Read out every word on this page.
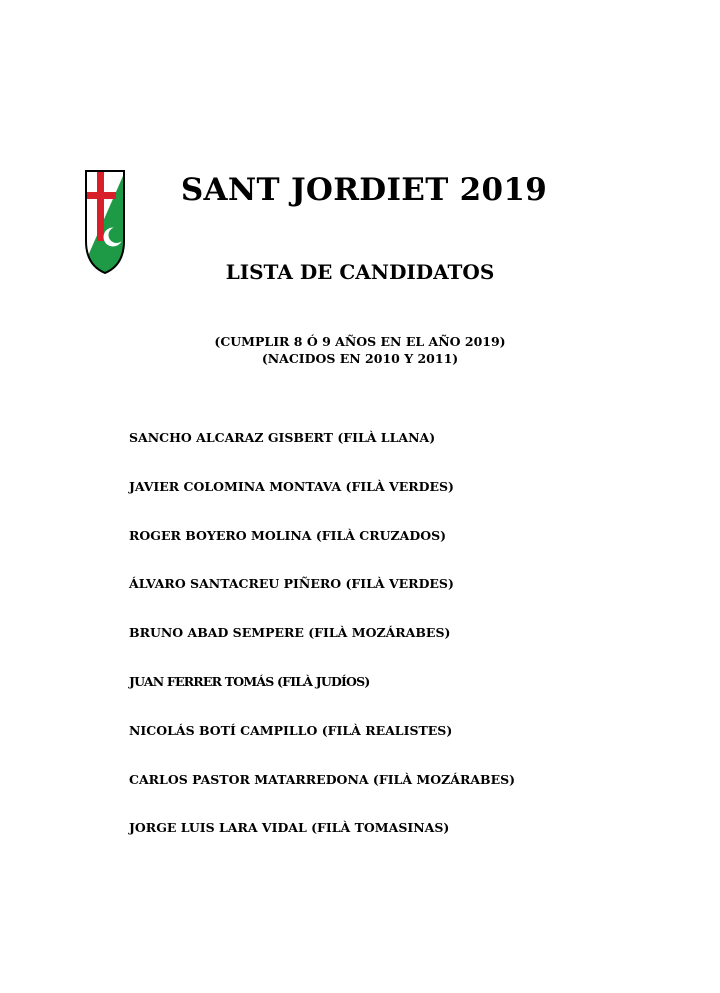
SANT JORDIET 2019
LISTA DE CANDIDATOS

(CUMPLIR 8 Ó 9 AÑOS EN EL AÑO 2019)

(NACIDOS EN 2010 Y 2011)

SANCHO ALCARAZ GISBERT (FILÀ LLANA)
JAVIER COLOMINA MONTAVA (FILÀ VERDES)
ROGER BOYERO MOLINA (FILÀ CRUZADOS)
ÁLVARO SANTACREU PIÑERO (FILÀ VERDES)
BRUNO ABAD SEMPERE (FILÀ MOZÁRABES)
JUAN FERRER TOMÁS (FILÀ JUDÍOS)
NICOLÁS BOTÍ CAMPILLO (FILÀ REALISTES)
CARLOS PASTOR MATARREDONA (FILÀ MOZÁRABES)
JORGE LUIS LARA VIDAL (FILÀ TOMASINAS)
